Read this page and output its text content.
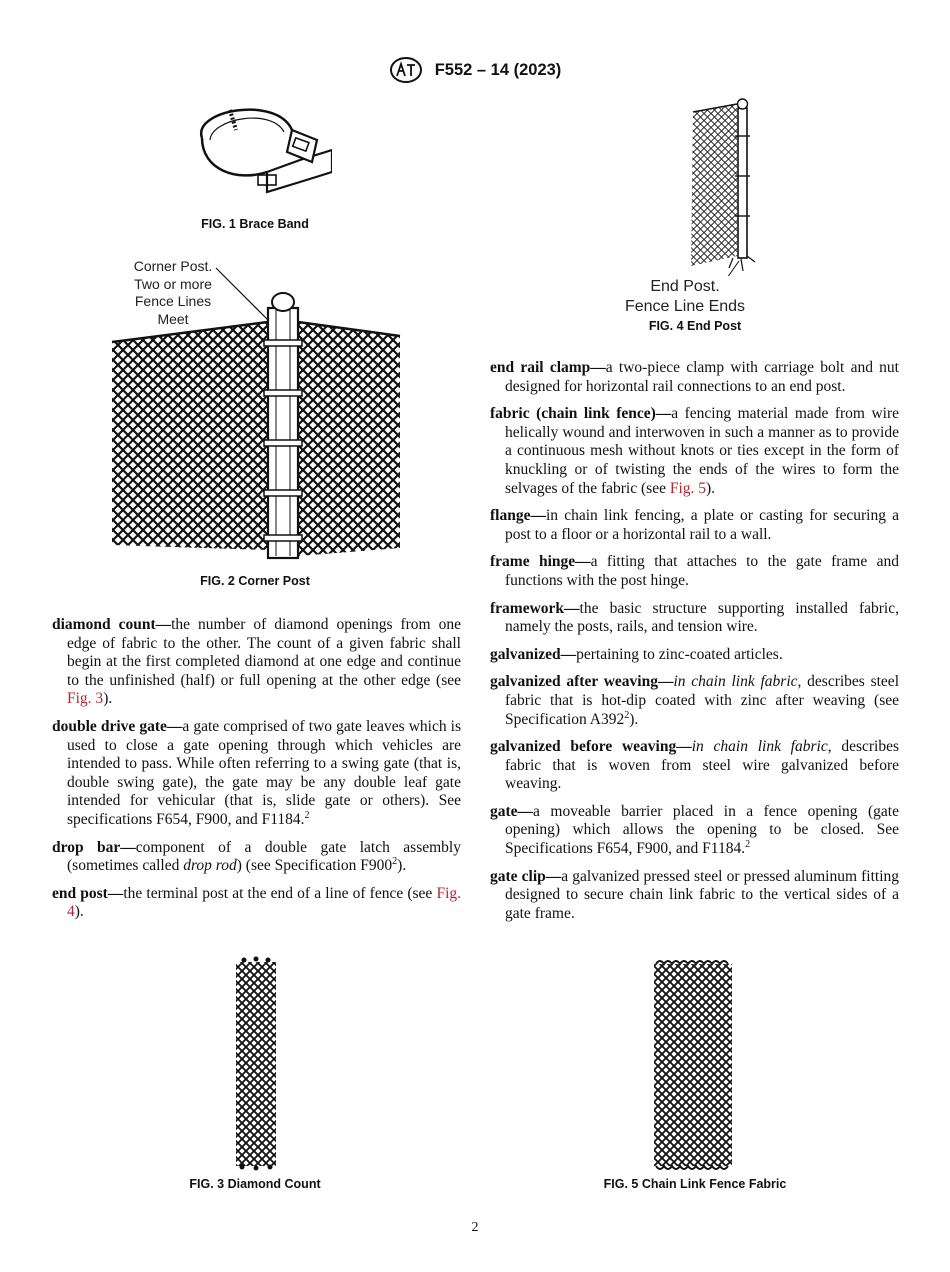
F552 – 14 (2023)
FIG. 1 Brace Band
Corner Post.
Two or more
Fence Lines
Meet
FIG. 2 Corner Post
End Post.
Fence Line Ends
FIG. 4 End Post

diamond count—the number of diamond openings from one edge of fabric to the other. The count of a given fabric shall begin at the first completed diamond at one edge and continue to the unfinished (half) or full opening at the other edge (see Fig. 3).

double drive gate—a gate comprised of two gate leaves which is used to close a gate opening through which vehicles are intended to pass. While often referring to a swing gate (that is, double swing gate), the gate may be any double leaf gate intended for vehicular (that is, slide gate or others). See specifications F654, F900, and F1184.$^2$

drop bar—component of a double gate latch assembly (sometimes called drop rod) (see Specification $F900^2$).

end post—the terminal post at the end of a line of fence (see Fig. 4).

end rail clamp—a two-piece clamp with carriage bolt and nut designed for horizontal rail connections to an end post.

fabric (chain link fence)—a fencing material made from wire helically wound and interwoven in such a manner as to provide a continuous mesh without knots or ties except in the form of knuckling or of twisting the ends of the wires to form the selvages of the fabric (see Fig. 5).

flange—in chain link fencing, a plate or casting for securing a post to a floor or a horizontal rail to a wall.

frame hinge—a fitting that attaches to the gate frame and functions with the post hinge.

framework—the basic structure supporting installed fabric, namely the posts, rails, and tension wire.

galvanized—pertaining to zinc-coated articles.

galvanized after weaving—in chain link fabric, describes steel fabric that is hot-dip coated with zinc after weaving (see Specification $A392^2$).

galvanized before weaving—in chain link fabric, describes fabric that is woven from steel wire galvanized before weaving.

gate—a moveable barrier placed in a fence opening (gate opening) which allows the opening to be closed. See Specifications F654, F900, and F1184.$^2$

gate clip—a galvanized pressed steel or pressed aluminum fitting designed to secure chain link fabric to the vertical sides of a gate frame.

FIG. 3 Diamond Count	FIG. 5 Chain Link Fence Fabric
2
